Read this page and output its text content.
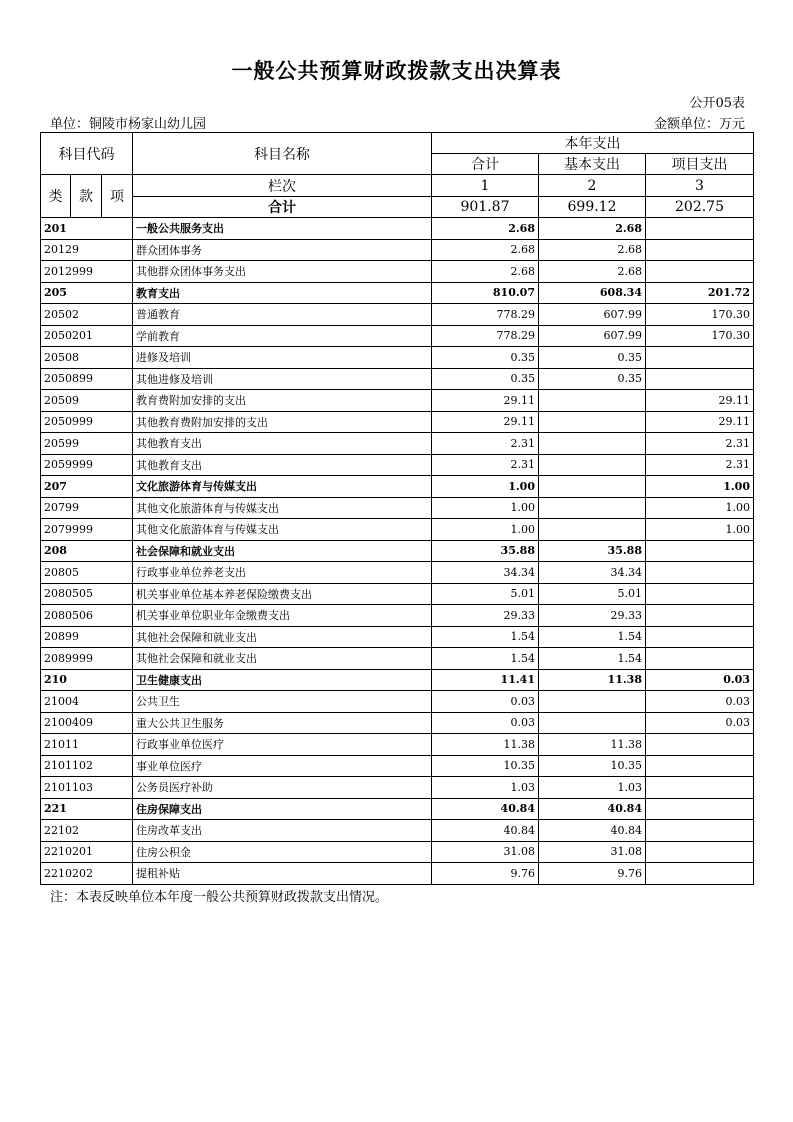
一般公共预算财政拨款支出决算表
公开05表
单位：铜陵市杨家山幼儿园	金额单位：万元
科目代码			科目名称	本年支出		
				合计	基本支出	项目支出
类	款	项	栏次	1	2	3
			合计	901.87	699.12	202.75
201			一般公共服务支出	2.68	2.68	
20129			群众团体事务	2.68	2.68	
2012999			其他群众团体事务支出	2.68	2.68	
205			教育支出	810.07	608.34	201.72
20502			普通教育	778.29	607.99	170.30
2050201			学前教育	778.29	607.99	170.30
20508			进修及培训	0.35	0.35	
2050899			其他进修及培训	0.35	0.35	
20509			教育费附加安排的支出	29.11		29.11
2050999			其他教育费附加安排的支出	29.11		29.11
20599			其他教育支出	2.31		2.31
2059999			其他教育支出	2.31		2.31
207			文化旅游体育与传媒支出	1.00		1.00
20799			其他文化旅游体育与传媒支出	1.00		1.00
2079999			其他文化旅游体育与传媒支出	1.00		1.00
208			社会保障和就业支出	35.88	35.88	
20805			行政事业单位养老支出	34.34	34.34	
2080505			机关事业单位基本养老保险缴费支出	5.01	5.01	
2080506			机关事业单位职业年金缴费支出	29.33	29.33	
20899			其他社会保障和就业支出	1.54	1.54	
2089999			其他社会保障和就业支出	1.54	1.54	
210			卫生健康支出	11.41	11.38	0.03
21004			公共卫生	0.03		0.03
2100409			重大公共卫生服务	0.03		0.03
21011			行政事业单位医疗	11.38	11.38	
2101102			事业单位医疗	10.35	10.35	
2101103			公务员医疗补助	1.03	1.03	
221			住房保障支出	40.84	40.84	
22102			住房改革支出	40.84	40.84	
2210201			住房公积金	31.08	31.08	
2210202			提租补贴	9.76	9.76	
注：本表反映单位本年度一般公共预算财政拨款支出情况。
